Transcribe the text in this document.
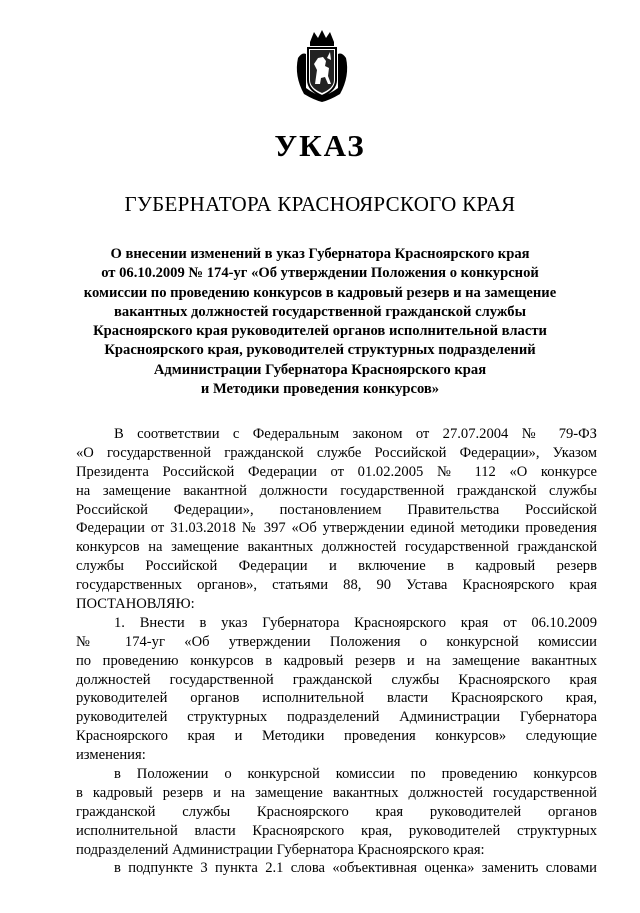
УКАЗ
ГУБЕРНАТОРА КРАСНОЯРСКОГО КРАЯ
О внесении изменений в указ Губернатора Красноярского края
от 06.10.2009 № 174-уг «Об утверждении Положения о конкурсной
комиссии по проведению конкурсов в кадровый резерв и на замещение
вакантных должностей государственной гражданской службы
Красноярского края руководителей органов исполнительной власти
Красноярского края, руководителей структурных подразделений
Администрации Губернатора Красноярского края
и Методики проведения конкурсов»
В соответствии с Федеральным законом от 27.07.2004 № 79-ФЗ
«О государственной гражданской службе Российской Федерации», Указом
Президента Российской Федерации от 01.02.2005 № 112 «О конкурсе
на замещение вакантной должности государственной гражданской службы
Российской Федерации», постановлением Правительства Российской
Федерации от 31.03.2018 № 397 «Об утверждении единой методики проведения
конкурсов на замещение вакантных должностей государственной гражданской
службы Российской Федерации и включение в кадровый резерв
государственных органов», статьями 88, 90 Устава Красноярского края
ПОСТАНОВЛЯЮ:
1. Внести в указ Губернатора Красноярского края от 06.10.2009
№ 174-уг «Об утверждении Положения о конкурсной комиссии
по проведению конкурсов в кадровый резерв и на замещение вакантных
должностей государственной гражданской службы Красноярского края
руководителей органов исполнительной власти Красноярского края,
руководителей структурных подразделений Администрации Губернатора
Красноярского края и Методики проведения конкурсов» следующие
изменения:
в Положении о конкурсной комиссии по проведению конкурсов
в кадровый резерв и на замещение вакантных должностей государственной
гражданской службы Красноярского края руководителей органов
исполнительной власти Красноярского края, руководителей структурных
подразделений Администрации Губернатора Красноярского края:
в подпункте 3 пункта 2.1 слова «объективная оценка» заменить словами
